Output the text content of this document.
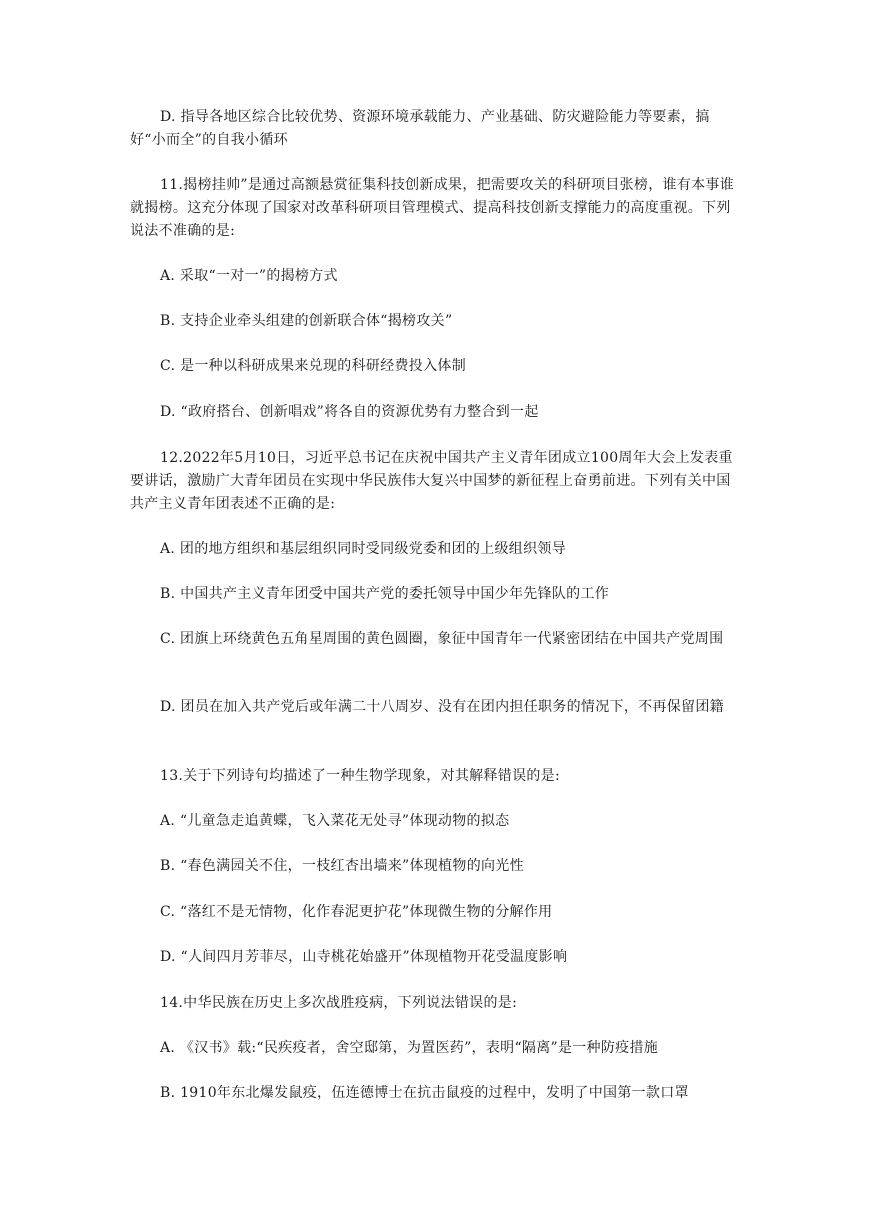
D. 指导各地区综合比较优势、资源环境承载能力、产业基础、防灾避险能力等要素，搞好“小而全”的自我小循环

11.揭榜挂帅”是通过高额悬赏征集科技创新成果，把需要攻关的科研项目张榜，谁有本事谁就揭榜。这充分体现了国家对改革科研项目管理模式、提高科技创新支撑能力的高度重视。下列说法不准确的是:

A. 采取“一对一”的揭榜方式

B. 支持企业牵头组建的创新联合体“揭榜攻关”

C. 是一种以科研成果来兑现的科研经费投入体制

D. “政府搭台、创新唱戏”将各自的资源优势有力整合到一起

12.2022年5月10日，习近平总书记在庆祝中国共产主义青年团成立100周年大会上发表重要讲话，激励广大青年团员在实现中华民族伟大复兴中国梦的新征程上奋勇前进。下列有关中国共产主义青年团表述不正确的是:

A. 团的地方组织和基层组织同时受同级党委和团的上级组织领导

B. 中国共产主义青年团受中国共产党的委托领导中国少年先锋队的工作

C. 团旗上环绕黄色五角星周围的黄色圆圈，象征中国青年一代紧密团结在中国共产党周围

D. 团员在加入共产党后或年满二十八周岁、没有在团内担任职务的情况下，不再保留团籍

13.关于下列诗句均描述了一种生物学现象，对其解释错误的是:

A. “儿童急走追黄蝶，飞入菜花无处寻”体现动物的拟态

B. “春色满园关不住，一枝红杏出墙来”体现植物的向光性

C. “落红不是无情物，化作春泥更护花”体现微生物的分解作用

D. “人间四月芳菲尽，山寺桃花始盛开”体现植物开花受温度影响

14.中华民族在历史上多次战胜疫病，下列说法错误的是:

A. 《汉书》载:“民疾疫者，舍空邸第，为置医药”，表明“隔离”是一种防疫措施

B. 1910年东北爆发鼠疫，伍连德博士在抗击鼠疫的过程中，发明了中国第一款口罩
